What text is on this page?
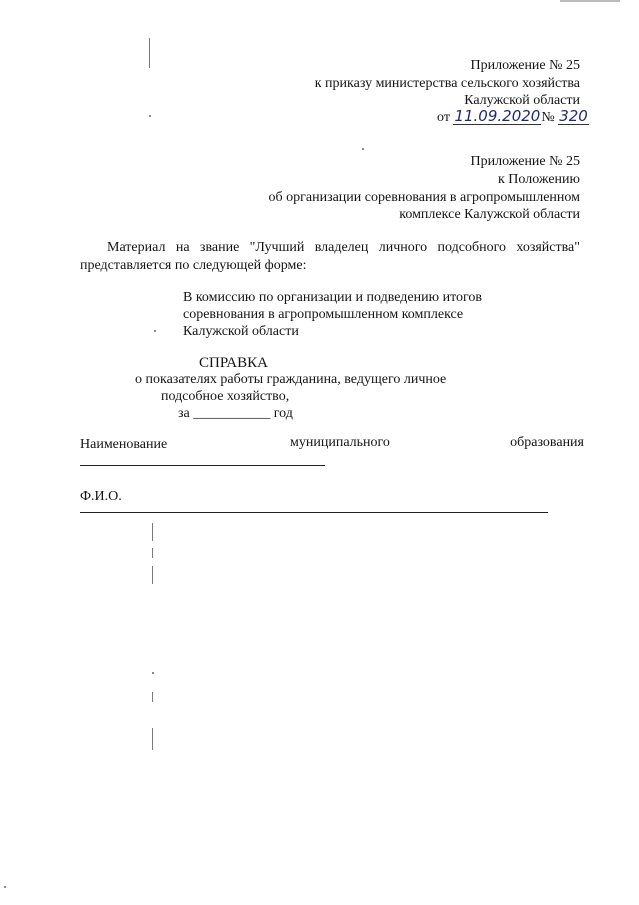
Приложение № 25
к приказу министерства сельского хозяйства
Калужской области
от 11.09.2020№ 320
Приложение № 25
к Положению
об организации соревнования в агропромышленном
комплексе Калужской области
Материал на звание "Лучший владелец личного подсобного хозяйства"
представляется по следующей форме:
В комиссию по организации и подведению итогов
соревнования в агропромышленном комплексе
Калужской области
СПРАВКА
о показателях работы гражданина, ведущего личное
подсобное хозяйство,
за ___________ год
Наименование	муниципального	образования
Ф.И.О.
